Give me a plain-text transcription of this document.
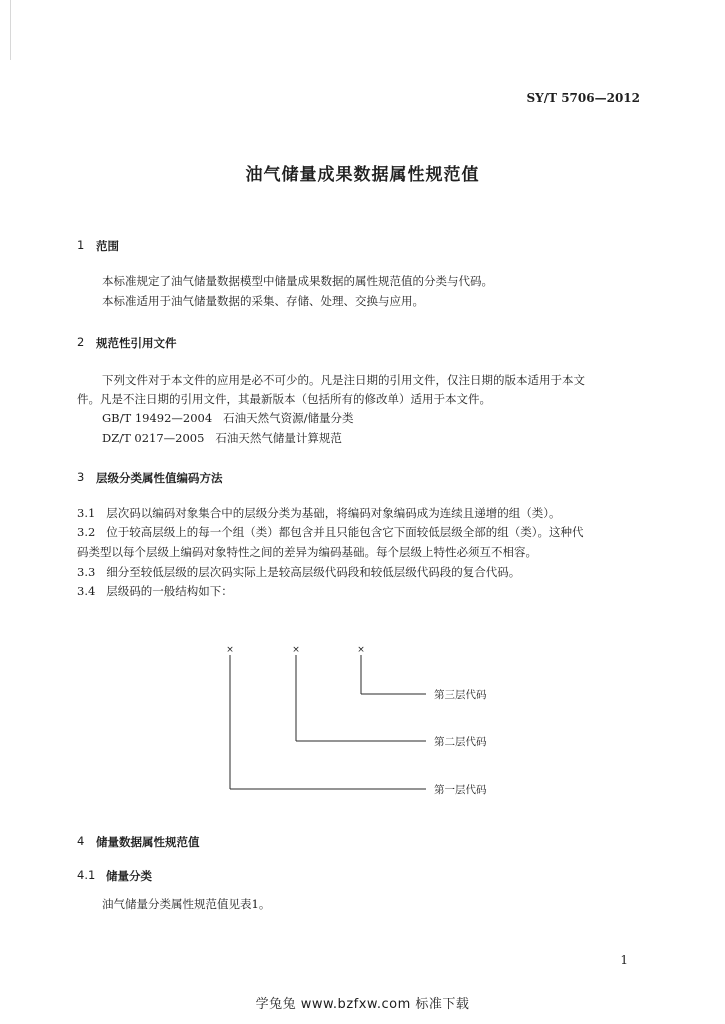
SY/T 5706—2012
油气储量成果数据属性规范值
1 范围
本标准规定了油气储量数据模型中储量成果数据的属性规范值的分类与代码。
本标准适用于油气储量数据的采集、存储、处理、交换与应用。
2 规范性引用文件
下列文件对于本文件的应用是必不可少的。凡是注日期的引用文件，仅注日期的版本适用于本文
件。凡是不注日期的引用文件，其最新版本（包括所有的修改单）适用于本文件。
GB/T 19492—2004 石油天然气资源/储量分类
DZ/T 0217—2005 石油天然气储量计算规范
3 层级分类属性值编码方法
3.1 层次码以编码对象集合中的层级分类为基础，将编码对象编码成为连续且递增的组（类）。
3.2 位于较高层级上的每一个组（类）都包含并且只能包含它下面较低层级全部的组（类）。这种代
码类型以每个层级上编码对象特性之间的差异为编码基础。每个层级上特性必须互不相容。
3.3 细分至较低层级的层次码实际上是较高层级代码段和较低层级代码段的复合代码。
3.4 层级码的一般结构如下：
×	×	×
第三层代码
第二层代码
第一层代码
4 储量数据属性规范值
4.1 储量分类
油气储量分类属性规范值见表1。
1
学兔兔 www.bzfxw.com 标准下载
